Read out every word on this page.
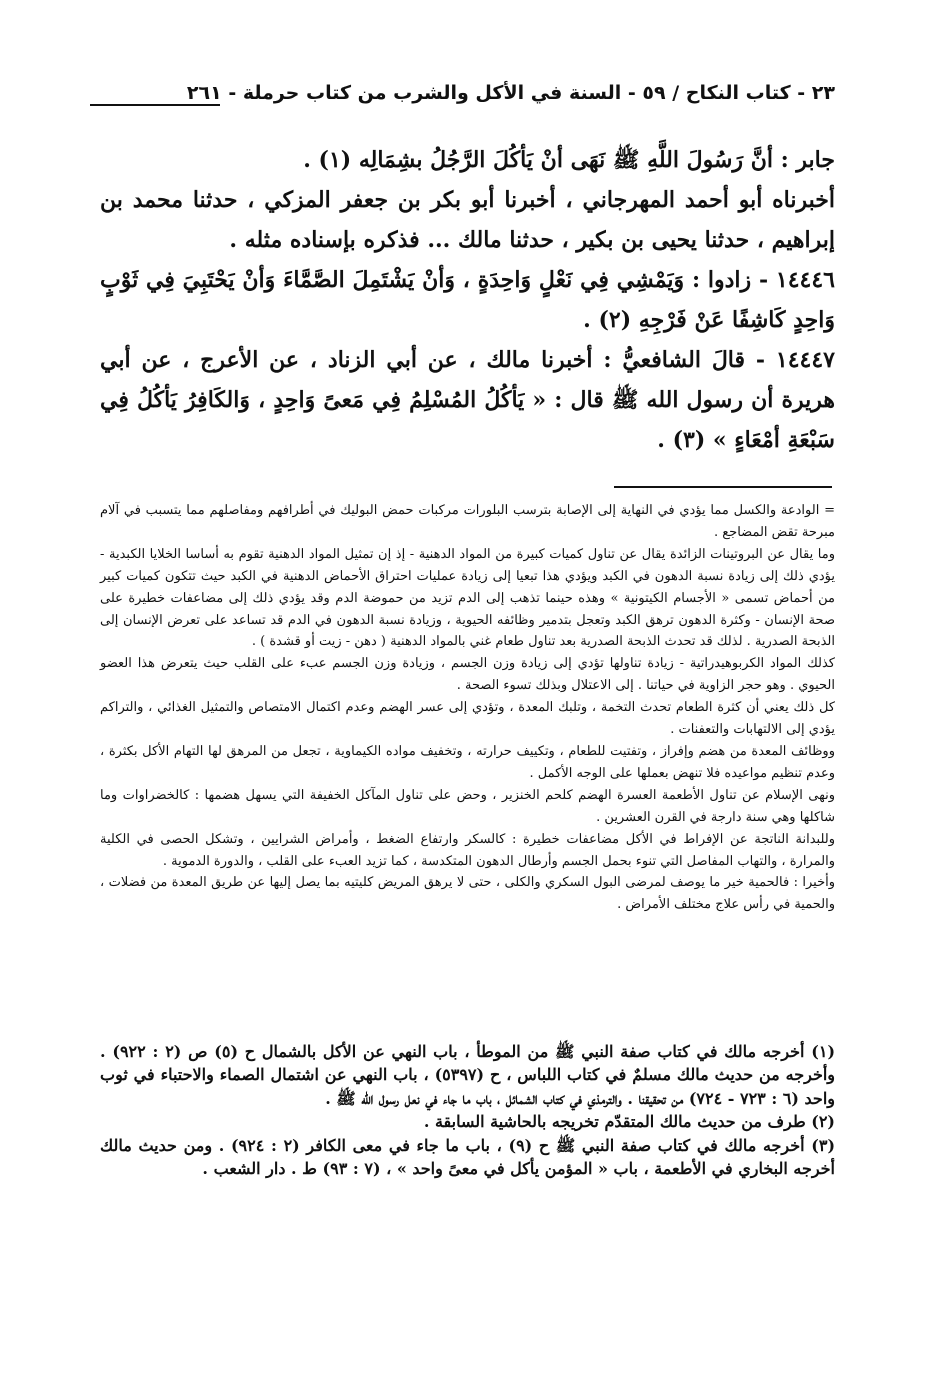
٢٣ - كتاب النكاح / ٥٩ - السنة في الأكل والشرب من كتاب حرملة - ٢٦١

جابر : أنَّ رَسُولَ اللَّهِ ﷺ نَهَى أنْ يَأكُلَ الرَّجُلُ بشِمَالِه (١) .

أخبرناه أبو أحمد المهرجاني ، أخبرنا أبو بكر بن جعفر المزكي ، حدثنا محمد بن إبراهيم ، حدثنا يحيى بن بكير ، حدثنا مالك ... فذكره بإسناده مثله .

١٤٤٤٦ - زادوا : وَيَمْشِي فِي نَعْلٍ وَاحِدَةٍ ، وَأنْ يَشْتَمِلَ الصَّمَّاءَ وَأنْ يَحْتَبِيَ فِي ثَوْبٍ وَاحِدٍ كَاشِفًا عَنْ فَرْجِهِ (٢) .

١٤٤٤٧ - قالَ الشافعيُّ : أخبرنا مالك ، عن أبي الزناد ، عن الأعرج ، عن أبي هريرة أن رسول الله ﷺ قال : « يَأكُلُ المُسْلِمُ فِي مَعىً وَاحِدٍ ، وَالكَافِرُ يَأكُلُ فِي سَبْعَةِ أمْعَاءٍ » (٣) .

= الوادعة والكسل مما يؤدي في النهاية إلى الإصابة بترسب البلورات مركبات حمض البوليك في أطرافهم ومفاصلهم مما يتسبب في آلام مبرحة تقض المضاجع .

وما يقال عن البروتينات الزائدة يقال عن تناول كميات كبيرة من المواد الدهنية - إذ إن تمثيل المواد الدهنية تقوم به أساسا الخلايا الكبدية - يؤدي ذلك إلى زيادة نسبة الدهون في الكبد ويؤدي هذا تبعيا إلى زيادة عمليات احتراق الأحماض الدهنية في الكبد حيث تتكون كميات كبير من أحماض تسمى « الأجسام الكيتونية » وهذه حينما تذهب إلى الدم تزيد من حموضة الدم وقد يؤدي ذلك إلى مضاعفات خطيرة على صحة الإنسان - وكثرة الدهون ترهق الكبد وتعجل بتدمير وظائفه الحيوية ، وزيادة نسبة الدهون في الدم قد تساعد على تعرض الإنسان إلى الذبحة الصدرية . لذلك قد تحدث الذبحة الصدرية بعد تناول طعام غني بالمواد الدهنية ( دهن - زيت أو قشدة ) .

كذلك المواد الكربوهيدراتية - زيادة تناولها تؤدي إلى زيادة وزن الجسم ، وزيادة وزن الجسم عبء على القلب حيث يتعرض هذا العضو الحيوي . وهو حجر الزاوية في حياتنا . إلى الاعتلال وبذلك تسوء الصحة .

كل ذلك يعني أن كثرة الطعام تحدث التخمة ، وتلبك المعدة ، وتؤدي إلى عسر الهضم وعدم اكتمال الامتصاص والتمثيل الغذائي ، والتراكم يؤدي إلى الالتهابات والتعفنات .

ووظائف المعدة من هضم وإفراز ، وتفتيت للطعام ، وتكييف حرارته ، وتخفيف مواده الكيماوية ، تجعل من المرهق لها التهام الأكل بكثرة ، وعدم تنظيم مواعيده فلا تنهض بعملها على الوجه الأكمل .

ونهى الإسلام عن تناول الأطعمة العسرة الهضم كلحم الخنزير ، وحض على تناول المآكل الخفيفة التي يسهل هضمها : كالخضراوات وما شاكلها وهي سنة دارجة في القرن العشرين .

وللبدانة الناتجة عن الإفراط في الأكل مضاعفات خطيرة : كالسكر وارتفاع الضغط ، وأمراض الشرايين ، وتشكل الحصى في الكلية والمرارة ، والتهاب المفاصل التي تنوء بحمل الجسم وأرطال الدهون المتكدسة ، كما تزيد العبء على القلب ، والدورة الدموية .

وأخيرا : فالحمية خير ما يوصف لمرضى البول السكري والكلى ، حتى لا يرهق المريض كليتيه بما يصل إليها عن طريق المعدة من فضلات ، والحمية في رأس علاج مختلف الأمراض .

(١) أخرجه مالك في كتاب صفة النبي ﷺ من الموطأ ، باب النهي عن الأكل بالشمال ح (٥) ص (٢ : ٩٢٢) . وأخرجه من حديث مالك مسلمٌ في كتاب اللباس ، ح (٥٣٩٧) ، باب النهي عن اشتمال الصماء والاحتباء في ثوب واحد (٦ : ٧٢٣ - ٧٢٤) من تحقيقنا . والترمذي في كتاب الشمائل ، باب ما جاء في نعل رسول الله ﷺ .

(٢) طرف من حديث مالك المتقدّم تخريجه بالحاشية السابقة .

(٣) أخرجه مالك في كتاب صفة النبي ﷺ ح (٩) ، باب ما جاء في معى الكافر (٢ : ٩٢٤) . ومن حديث مالك أخرجه البخاري في الأطعمة ، باب « المؤمن يأكل في معىً واحد » ، (٧ : ٩٣) ط . دار الشعب .
